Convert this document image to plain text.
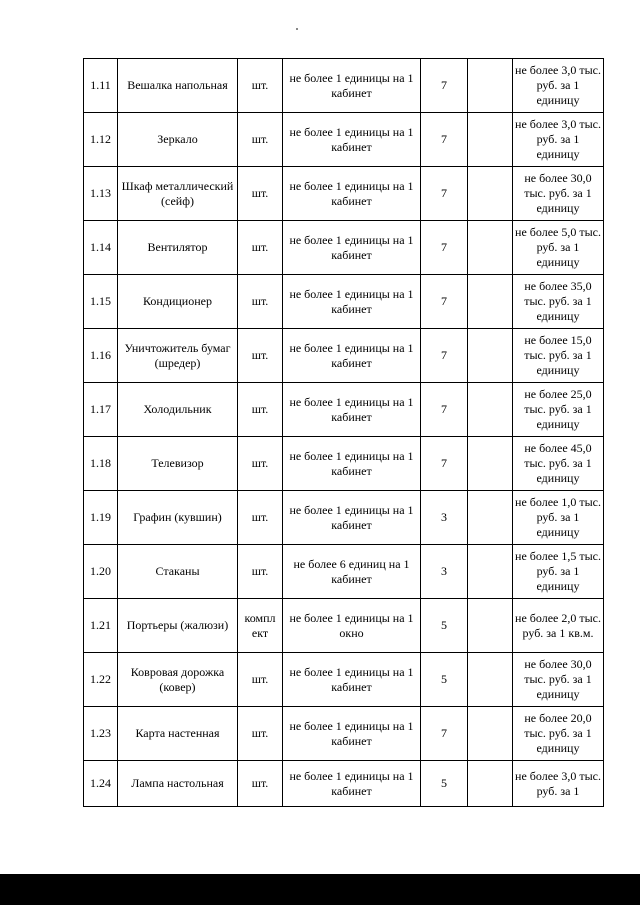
1.11	Вешалка напольная	шт.	не более 1 единицы на 1 кабинет	7		не более 3,0 тыс. руб. за 1 единицу
1.12	Зеркало	шт.	не более 1 единицы на 1 кабинет	7		не более 3,0 тыс. руб. за 1 единицу
1.13	Шкаф металлический (сейф)	шт.	не более 1 единицы на 1 кабинет	7		не более 30,0 тыс. руб. за 1 единицу
1.14	Вентилятор	шт.	не более 1 единицы на 1 кабинет	7		не более 5,0 тыс. руб. за 1 единицу
1.15	Кондиционер	шт.	не более 1 единицы на 1 кабинет	7		не более 35,0 тыс. руб. за 1 единицу
1.16	Уничтожитель бумаг (шредер)	шт.	не более 1 единицы на 1 кабинет	7		не более 15,0 тыс. руб. за 1 единицу
1.17	Холодильник	шт.	не более 1 единицы на 1 кабинет	7		не более 25,0 тыс. руб. за 1 единицу
1.18	Телевизор	шт.	не более 1 единицы на 1 кабинет	7		не более 45,0 тыс. руб. за 1 единицу
1.19	Графин (кувшин)	шт.	не более 1 единицы на 1 кабинет	3		не более 1,0 тыс. руб. за 1 единицу
1.20	Стаканы	шт.	не более 6 единиц на 1 кабинет	3		не более 1,5 тыс. руб. за 1 единицу
1.21	Портьеры (жалюзи)	компл ект	не более 1 единицы на 1 окно	5		не более 2,0 тыс. руб. за 1 кв.м.
1.22	Ковровая дорожка (ковер)	шт.	не более 1 единицы на 1 кабинет	5		не более 30,0 тыс. руб. за 1 единицу
1.23	Карта настенная	шт.	не более 1 единицы на 1 кабинет	7		не более 20,0 тыс. руб. за 1 единицу
1.24	Лампа настольная	шт.	не более 1 единицы на 1 кабинет	5		не более 3,0 тыс. руб. за 1
